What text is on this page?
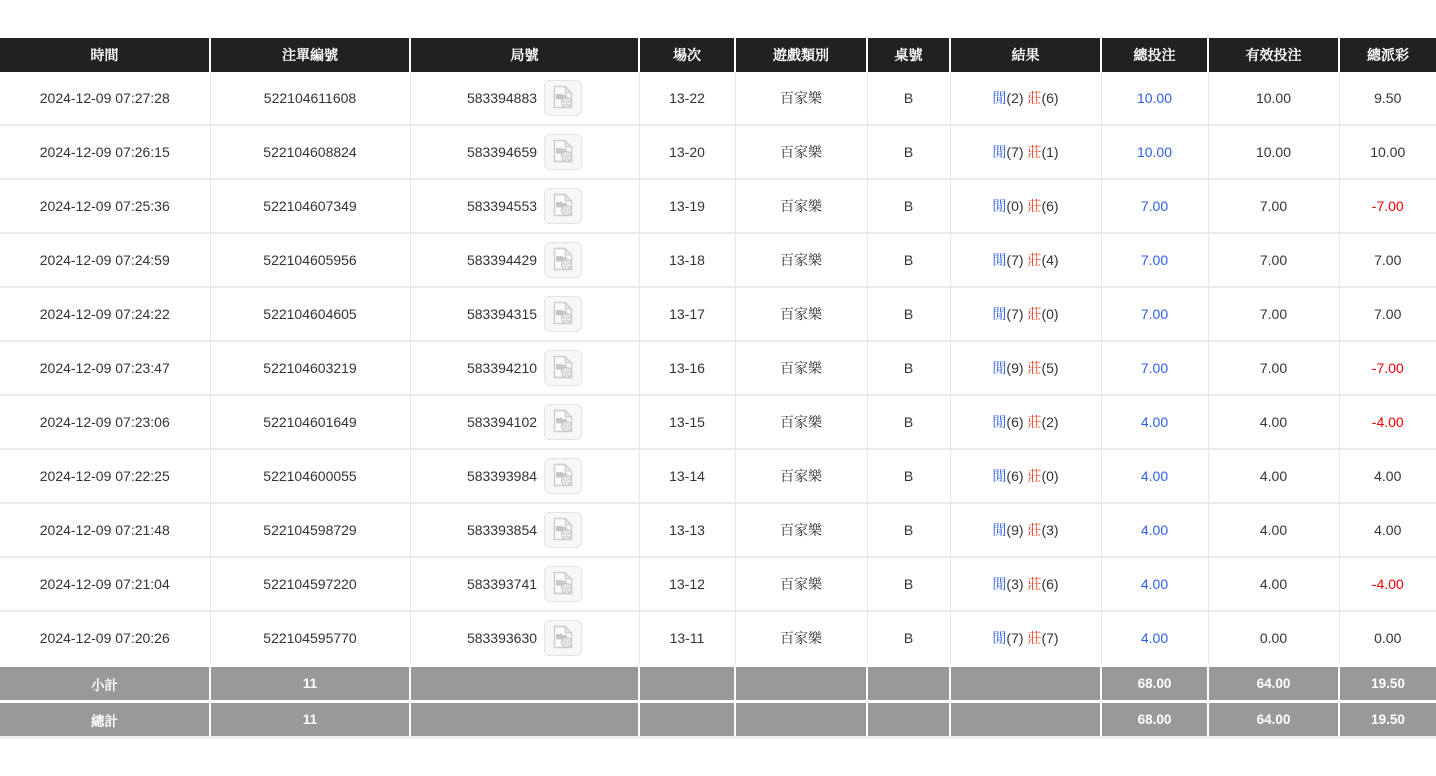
時間	注單編號	局號	場次	遊戲類別	桌號	結果	總投注	有效投注	總派彩
2024-12-09 07:27:28	522104611608	583394883	13-22	百家樂	B	閒(2) 莊(6)	10.00	10.00	9.50
2024-12-09 07:26:15	522104608824	583394659	13-20	百家樂	B	閒(7) 莊(1)	10.00	10.00	10.00
2024-12-09 07:25:36	522104607349	583394553	13-19	百家樂	B	閒(0) 莊(6)	7.00	7.00	-7.00
2024-12-09 07:24:59	522104605956	583394429	13-18	百家樂	B	閒(7) 莊(4)	7.00	7.00	7.00
2024-12-09 07:24:22	522104604605	583394315	13-17	百家樂	B	閒(7) 莊(0)	7.00	7.00	7.00
2024-12-09 07:23:47	522104603219	583394210	13-16	百家樂	B	閒(9) 莊(5)	7.00	7.00	-7.00
2024-12-09 07:23:06	522104601649	583394102	13-15	百家樂	B	閒(6) 莊(2)	4.00	4.00	-4.00
2024-12-09 07:22:25	522104600055	583393984	13-14	百家樂	B	閒(6) 莊(0)	4.00	4.00	4.00
2024-12-09 07:21:48	522104598729	583393854	13-13	百家樂	B	閒(9) 莊(3)	4.00	4.00	4.00
2024-12-09 07:21:04	522104597220	583393741	13-12	百家樂	B	閒(3) 莊(6)	4.00	4.00	-4.00
2024-12-09 07:20:26	522104595770	583393630	13-11	百家樂	B	閒(7) 莊(7)	4.00	0.00	0.00
小計	11						68.00	64.00	19.50
總計	11						68.00	64.00	19.50
